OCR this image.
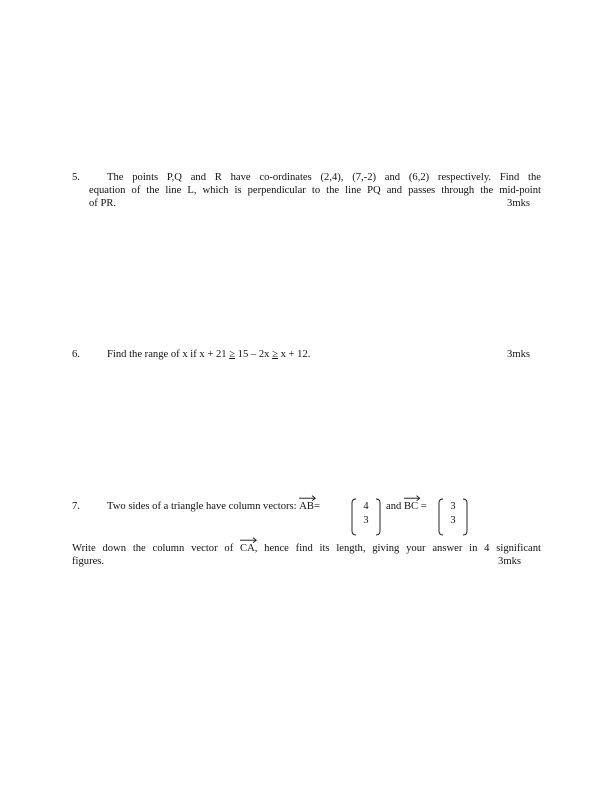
5.	The points P,Q and R have co-ordinates (2,4), (7,-2) and (6,2) respectively. Find the
equation of the line L, which is perpendicular to the line PQ and passes through the mid-point
of PR.	3mks
6.	Find the range of x if x + 21 ≥ 15 – 2x ≥ x + 12.	3mks
7.	Two sides of a triangle have column vectors:
AB=	4
3
and
BC =	3
3
Write down the column vector of
CA, hence find its length, giving your answer in 4 significant
figures.	3mks
